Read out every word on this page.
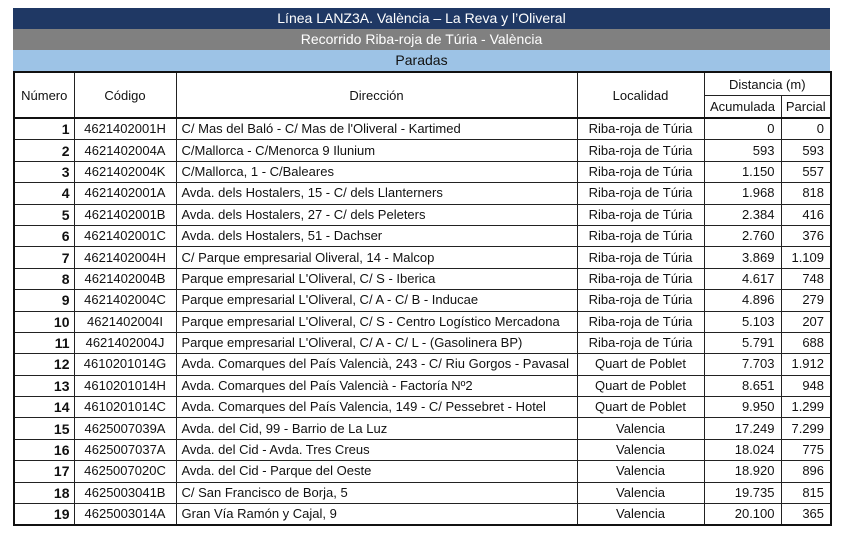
Línea LANZ3A. València – La Reva y l’Oliveral
Recorrido Riba-roja de Túria - València
Paradas
Número	Código	Dirección	Localidad	Distancia (m)	
				Acumulada	Parcial
1	4621402001H	C/ Mas del Baló - C/ Mas de l'Oliveral - Kartimed	Riba-roja de Túria	0	0
2	4621402004A	C/Mallorca - C/Menorca 9 Ilunium	Riba-roja de Túria	593	593
3	4621402004K	C/Mallorca, 1 - C/Baleares	Riba-roja de Túria	1.150	557
4	4621402001A	Avda. dels Hostalers, 15 - C/ dels Llanterners	Riba-roja de Túria	1.968	818
5	4621402001B	Avda. dels Hostalers, 27 - C/ dels Peleters	Riba-roja de Túria	2.384	416
6	4621402001C	Avda. dels Hostalers, 51 - Dachser	Riba-roja de Túria	2.760	376
7	4621402004H	C/ Parque empresarial Oliveral, 14 - Malcop	Riba-roja de Túria	3.869	1.109
8	4621402004B	Parque empresarial L'Oliveral, C/ S - Iberica	Riba-roja de Túria	4.617	748
9	4621402004C	Parque empresarial L'Oliveral, C/ A - C/ B - Inducae	Riba-roja de Túria	4.896	279
10	4621402004I	Parque empresarial L'Oliveral, C/ S - Centro Logístico Mercadona	Riba-roja de Túria	5.103	207
11	4621402004J	Parque empresarial L'Oliveral, C/ A - C/ L - (Gasolinera BP)	Riba-roja de Túria	5.791	688
12	4610201014G	Avda. Comarques del País Valencià, 243 - C/ Riu Gorgos - Pavasal	Quart de Poblet	7.703	1.912
13	4610201014H	Avda. Comarques del País Valencià - Factoría Nº2	Quart de Poblet	8.651	948
14	4610201014C	Avda. Comarques del País Valencia, 149 - C/ Pessebret - Hotel	Quart de Poblet	9.950	1.299
15	4625007039A	Avda. del Cid, 99 - Barrio de La Luz	Valencia	17.249	7.299
16	4625007037A	Avda. del Cid - Avda. Tres Creus	Valencia	18.024	775
17	4625007020C	Avda. del Cid - Parque del Oeste	Valencia	18.920	896
18	4625003041B	C/ San Francisco de Borja, 5	Valencia	19.735	815
19	4625003014A	Gran Vía Ramón y Cajal, 9	Valencia	20.100	365
